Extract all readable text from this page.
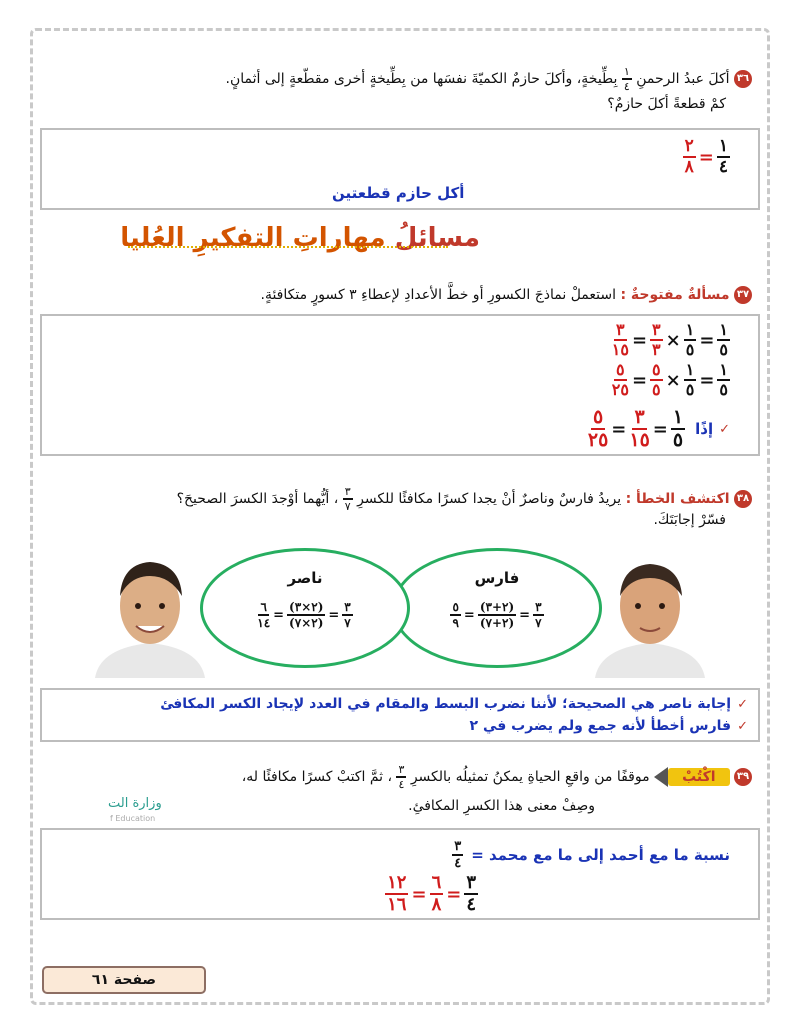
٣٦ أكلَ عبدُ الرحمنِ
$\frac{١}{٤}$
بِطِّيخةٍ، وأكلَ حازمٌ الكميّةَ نفسَها من بِطِّيخةٍ أخرى مقطّعةٍ إلى أثمانٍ.
كمْ قطعةً أكلَ حازمٌ؟
$\frac{٢}{٨} = \frac{١}{٤}$
أكل حازم قطعتين
مسائلُ مهاراتِ التفكيرِ العُليا
٣٧ مسألةٌ مفتوحةٌ : استعملْ نماذجَ الكسورِ أو خطَّ الأعدادِ لإعطاءِ ٣ كسورٍ متكافئةٍ.
$\frac{٣}{١٥} = \frac{٣}{٣} \times \frac{١}{٥} = \frac{١}{٥}$
$\frac{٥}{٢٥} = \frac{٥}{٥} \times \frac{١}{٥} = \frac{١}{٥}$
$\frac{٥}{٢٥} = \frac{٣}{١٥} = \frac{١}{٥}$ إذًا ✓
٣٨ اكتشف الخطأ : يريدُ فارسٌ وناصرٌ أنْ يجدا كسرًا مكافئًا للكسرِ
$\frac{٣}{٧}$
، أيُّهما أوْجدَ الكسرَ الصحيحَ؟
فسّرْ إجابَتَكَ.
فارس
$\frac{٥}{٩} = \frac{(٢+٣)}{(٢+٧)} = \frac{٣}{٧}$
ناصر
$\frac{٦}{١٤} = \frac{(٢\times ٣)}{(٢\times ٧)} = \frac{٣}{٧}$
✓إجابة ناصر هي الصحيحة؛ لأننا نضرب البسط والمقام في العدد لإيجاد الكسر المكافئ
✓فارس أخطأ لأنه جمع ولم يضرب في ٢
٣٩ اكْتُبْ موقفًا من واقعِ الحياةِ يمكنُ تمثيلُه بالكسرِ
$\frac{٣}{٤}$
، ثمَّ اكتبْ كسرًا مكافئًا له،
وصِفْ معنى هذا الكسرِ المكافئِ.
وزارة الت
f Education
نسبة ما مع أحمد إلى ما مع محمد =
$\frac{٣}{٤}$
$\frac{١٢}{١٦} = \frac{٦}{٨} = \frac{٣}{٤}$
صفحة ٦١
